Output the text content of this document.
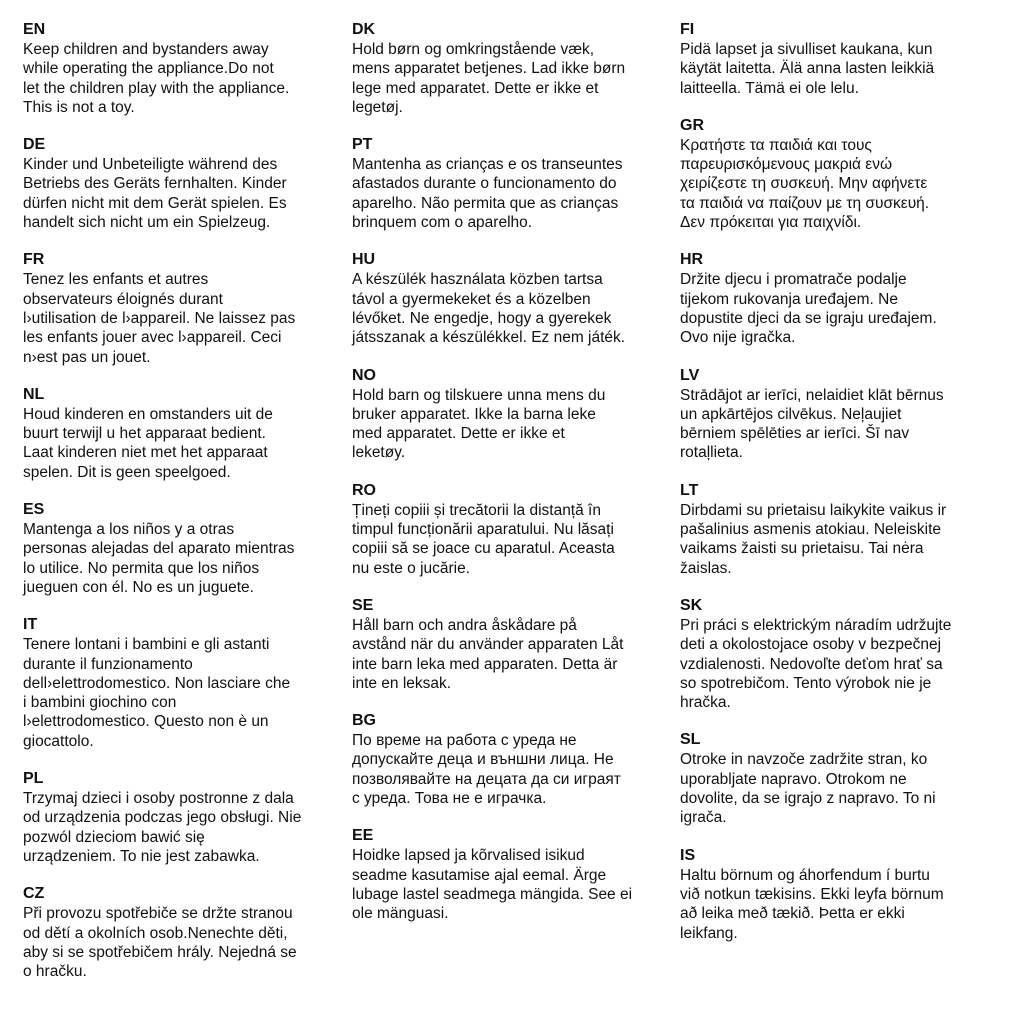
EN

Keep children and bystanders away
while operating the appliance.Do not
let the children play with the appliance.
This is not a toy.

DE

Kinder und Unbeteiligte während des
Betriebs des Geräts fernhalten. Kinder
dürfen nicht mit dem Gerät spielen. Es
handelt sich nicht um ein Spielzeug.

FR

Tenez les enfants et autres
observateurs éloignés durant
l›utilisation de l›appareil. Ne laissez pas
les enfants jouer avec l›appareil. Ceci
n›est pas un jouet.

NL

Houd kinderen en omstanders uit de
buurt terwijl u het apparaat bedient.
Laat kinderen niet met het apparaat
spelen. Dit is geen speelgoed.

ES

Mantenga a los niños y a otras
personas alejadas del aparato mientras
lo utilice. No permita que los niños
jueguen con él. No es un juguete.

IT

Tenere lontani i bambini e gli astanti
durante il funzionamento
dell›elettrodomestico. Non lasciare che
i bambini giochino con
l›elettrodomestico. Questo non è un
giocattolo.

PL

Trzymaj dzieci i osoby postronne z dala
od urządzenia podczas jego obsługi. Nie
pozwól dzieciom bawić się
urządzeniem. To nie jest zabawka.

CZ

Při provozu spotřebiče se držte stranou
od dětí a okolních osob.Nenechte děti,
aby si se spotřebičem hrály. Nejedná se
o hračku.

DK

Hold børn og omkringstående væk,
mens apparatet betjenes. Lad ikke børn
lege med apparatet. Dette er ikke et
legetøj.

PT

Mantenha as crianças e os transeuntes
afastados durante o funcionamento do
aparelho. Não permita que as crianças
brinquem com o aparelho.

HU

A készülék használata közben tartsa
távol a gyermekeket és a közelben
lévőket. Ne engedje, hogy a gyerekek
játsszanak a készülékkel. Ez nem játék.

NO

Hold barn og tilskuere unna mens du
bruker apparatet. Ikke la barna leke
med apparatet. Dette er ikke et
leketøy.

RO

Țineți copiii și trecătorii la distanță în
timpul funcționării aparatului. Nu lăsați
copiii să se joace cu aparatul. Aceasta
nu este o jucărie.

SE

Håll barn och andra åskådare på
avstånd när du använder apparaten Låt
inte barn leka med apparaten. Detta är
inte en leksak.

BG

По време на работа с уреда не
допускайте деца и външни лица. Не
позволявайте на децата да си играят
с уреда. Това не е играчка.

EE

Hoidke lapsed ja kõrvalised isikud
seadme kasutamise ajal eemal. Ärge
lubage lastel seadmega mängida. See ei
ole mänguasi.

FI

Pidä lapset ja sivulliset kaukana, kun
käytät laitetta. Älä anna lasten leikkiä
laitteella. Tämä ei ole lelu.

GR

Κρατήστε τα παιδιά και τους
παρευρισκόμενους μακριά ενώ
χειρίζεστε τη συσκευή. Μην αφήνετε
τα παιδιά να παίζουν με τη συσκευή.
Δεν πρόκειται για παιχνίδι.

HR

Držite djecu i promatrače podalje
tijekom rukovanja uređajem. Ne
dopustite djeci da se igraju uređajem.
Ovo nije igračka.

LV

Strādājot ar ierīci, nelaidiet klāt bērnus
un apkārtējos cilvēkus. Neļaujiet
bērniem spēlēties ar ierīci. Šī nav
rotaļlieta.

LT

Dirbdami su prietaisu laikykite vaikus ir
pašalinius asmenis atokiau. Neleiskite
vaikams žaisti su prietaisu. Tai nėra
žaislas.

SK

Pri práci s elektrickým náradím udržujte
deti a okolostojace osoby v bezpečnej
vzdialenosti. Nedovoľte deťom hrať sa
so spotrebičom. Tento výrobok nie je
hračka.

SL

Otroke in navzoče zadržite stran, ko
uporabljate napravo. Otrokom ne
dovolite, da se igrajo z napravo. To ni
igrača.

IS

Haltu börnum og áhorfendum í burtu
við notkun tækisins. Ekki leyfa börnum
að leika með tækið. Þetta er ekki
leikfang.
